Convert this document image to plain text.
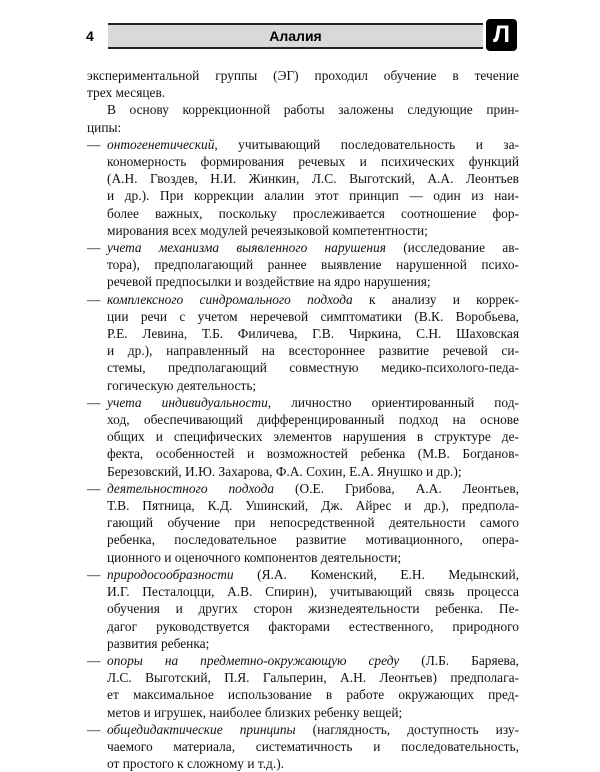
4	Алалия	Л
экспериментальной группы (ЭГ) проходил обучение в течение
трех месяцев.
В основу коррекционной работы заложены следующие прин-
ципы:
— онтогенетический, учитывающий последовательность и за-
кономерность формирования речевых и психических функций
(А.Н. Гвоздев, Н.И. Жинкин, Л.С. Выготский, А.А. Леонтьев
и др.). При коррекции алалии этот принцип — один из наи-
более важных, поскольку прослеживается соотношение фор-
мирования всех модулей речеязыковой компетентности;
— учета механизма выявленного нарушения (исследование ав-
тора), предполагающий раннее выявление нарушенной психо-
речевой предпосылки и воздействие на ядро нарушения;
— комплексного синдромального подхода к анализу и коррек-
ции речи с учетом неречевой симптоматики (В.К. Воробьева,
Р.Е. Левина, Т.Б. Филичева, Г.В. Чиркина, С.Н. Шаховская
и др.), направленный на всестороннее развитие речевой си-
стемы, предполагающий совместную медико-психолого-педа-
гогическую деятельность;
— учета индивидуальности, личностно ориентированный под-
ход, обеспечивающий дифференцированный подход на основе
общих и специфических элементов нарушения в структуре де-
фекта, особенностей и возможностей ребенка (М.В. Богданов-
Березовский, И.Ю. Захарова, Ф.А. Сохин, Е.А. Янушко и др.);
— деятельностного подхода (О.Е. Грибова, А.А. Леонтьев,
Т.В. Пятница, К.Д. Ушинский, Дж. Айрес и др.), предпола-
гающий обучение при непосредственной деятельности самого
ребенка, последовательное развитие мотивационного, опера-
ционного и оценочного компонентов деятельности;
— природосообразности (Я.А. Коменский, Е.Н. Медынский,
И.Г. Песталоцци, А.В. Спирин), учитывающий связь процесса
обучения и других сторон жизнедеятельности ребенка. Пе-
дагог руководствуется факторами естественного, природного
развития ребенка;
— опоры на предметно-окружающую среду (Л.Б. Баряева,
Л.С. Выготский, П.Я. Гальперин, А.Н. Леонтьев) предполага-
ет максимальное использование в работе окружающих пред-
метов и игрушек, наиболее близких ребенку вещей;
— общедидактические принципы (наглядность, доступность изу-
чаемого материала, систематичность и последовательность,
от простого к сложному и т.д.).
